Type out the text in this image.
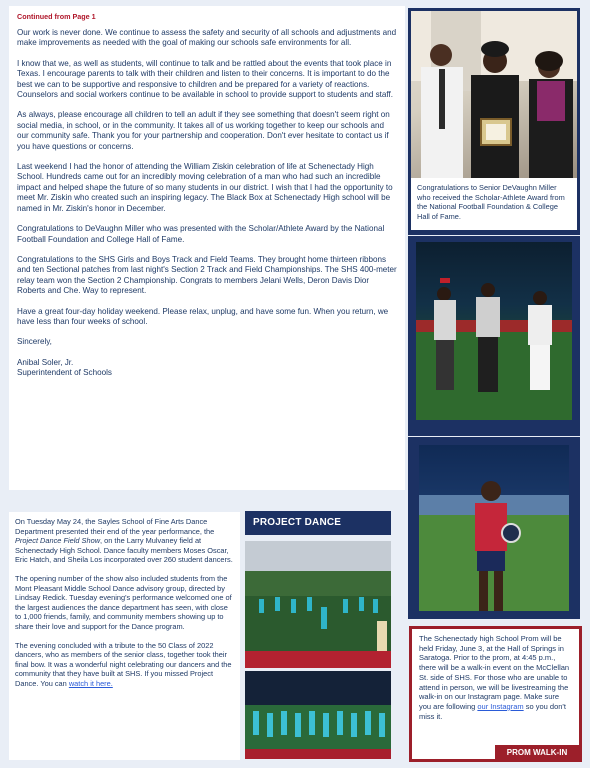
Continued from Page 1

Our work is never done. We continue to assess the safety and security of all schools and adjustments and make improvements as needed with the goal of making our schools safe environments for all.

I know that we, as well as students, will continue to talk and be rattled about the events that took place in Texas. I encourage parents to talk with their children and listen to their concerns. It is important to do the best we can to be supportive and responsive to children and be prepared for a variety of reactions. Counselors and social workers continue to be available in school to provide support to students and staff.

As always, please encourage all children to tell an adult if they see something that doesn't seem right on social media, in school, or in the community. It takes all of us working together to keep our schools and our community safe. Thank you for your partnership and cooperation. Don't ever hesitate to contact us if you have questions or concerns.

Last weekend I had the honor of attending the William Ziskin celebration of life at Schenectady High School. Hundreds came out for an incredibly moving celebration of a man who had such an incredible impact and helped shape the future of so many students in our district. I wish that I had the opportunity to meet Mr. Ziskin who created such an inspiring legacy. The Black Box at Schenectady High school will be named in Mr. Ziskin's honor in December.

Congratulations to DeVaughn Miller who was presented with the Scholar/Athlete Award by the National Football Foundation and College Hall of Fame.

Congratulations to the SHS Girls and Boys Track and Field Teams. They brought home thirteen ribbons and ten Sectional patches from last night's Section 2 Track and Field Championships. The SHS 400-meter relay team won the Section 2 Championship. Congrats to members Jelani Wells, Deron Davis Dior Roberts and Che. Way to represent.

Have a great four-day holiday weekend. Please relax, unplug, and have some fun. When you return, we have less than four weeks of school.

Sincerely,

Anibal Soler, Jr.

Superintendent of Schools

Congratulations to Senior DeVaughn Miller who received the Scholar-Athlete Award from the National Football Foundation & College Hall of Fame.

On Tuesday May 24, the Sayles School of Fine Arts Dance Department presented their end of the year performance, the Project Dance Field Show, on the Larry Mulvaney field at Schenectady High School. Dance faculty members Moses Oscar, Eric Hatch, and Sheila Los incorporated over 260 student dancers.

The opening number of the show also included students from the Mont Pleasant Middle School Dance advisory group, directed by Lindsay Redick. Tuesday evening's performance welcomed one of the largest audiences the dance department has seen, with close to 1,000 friends, family, and community members showing up to share their love and support for the Dance program.

The evening concluded with a tribute to the 50 Class of 2022 dancers, who as members of the senior class, together took their final bow. It was a wonderful night celebrating our dancers and the community that they have built at SHS. If you missed Project Dance. You can watch it here.

PROJECT DANCE

The Schenectady high School Prom will be held Friday, June 3, at the Hall of Springs in Saratoga. Prior to the prom, at 4:45 p.m., there will be a walk-in event on the McClellan St. side of SHS. For those who are unable to attend in person, we will be livestreaming the walk-in on our Instagram page. Make sure you are following our Instagram so you don't miss it.

PROM WALK-IN
